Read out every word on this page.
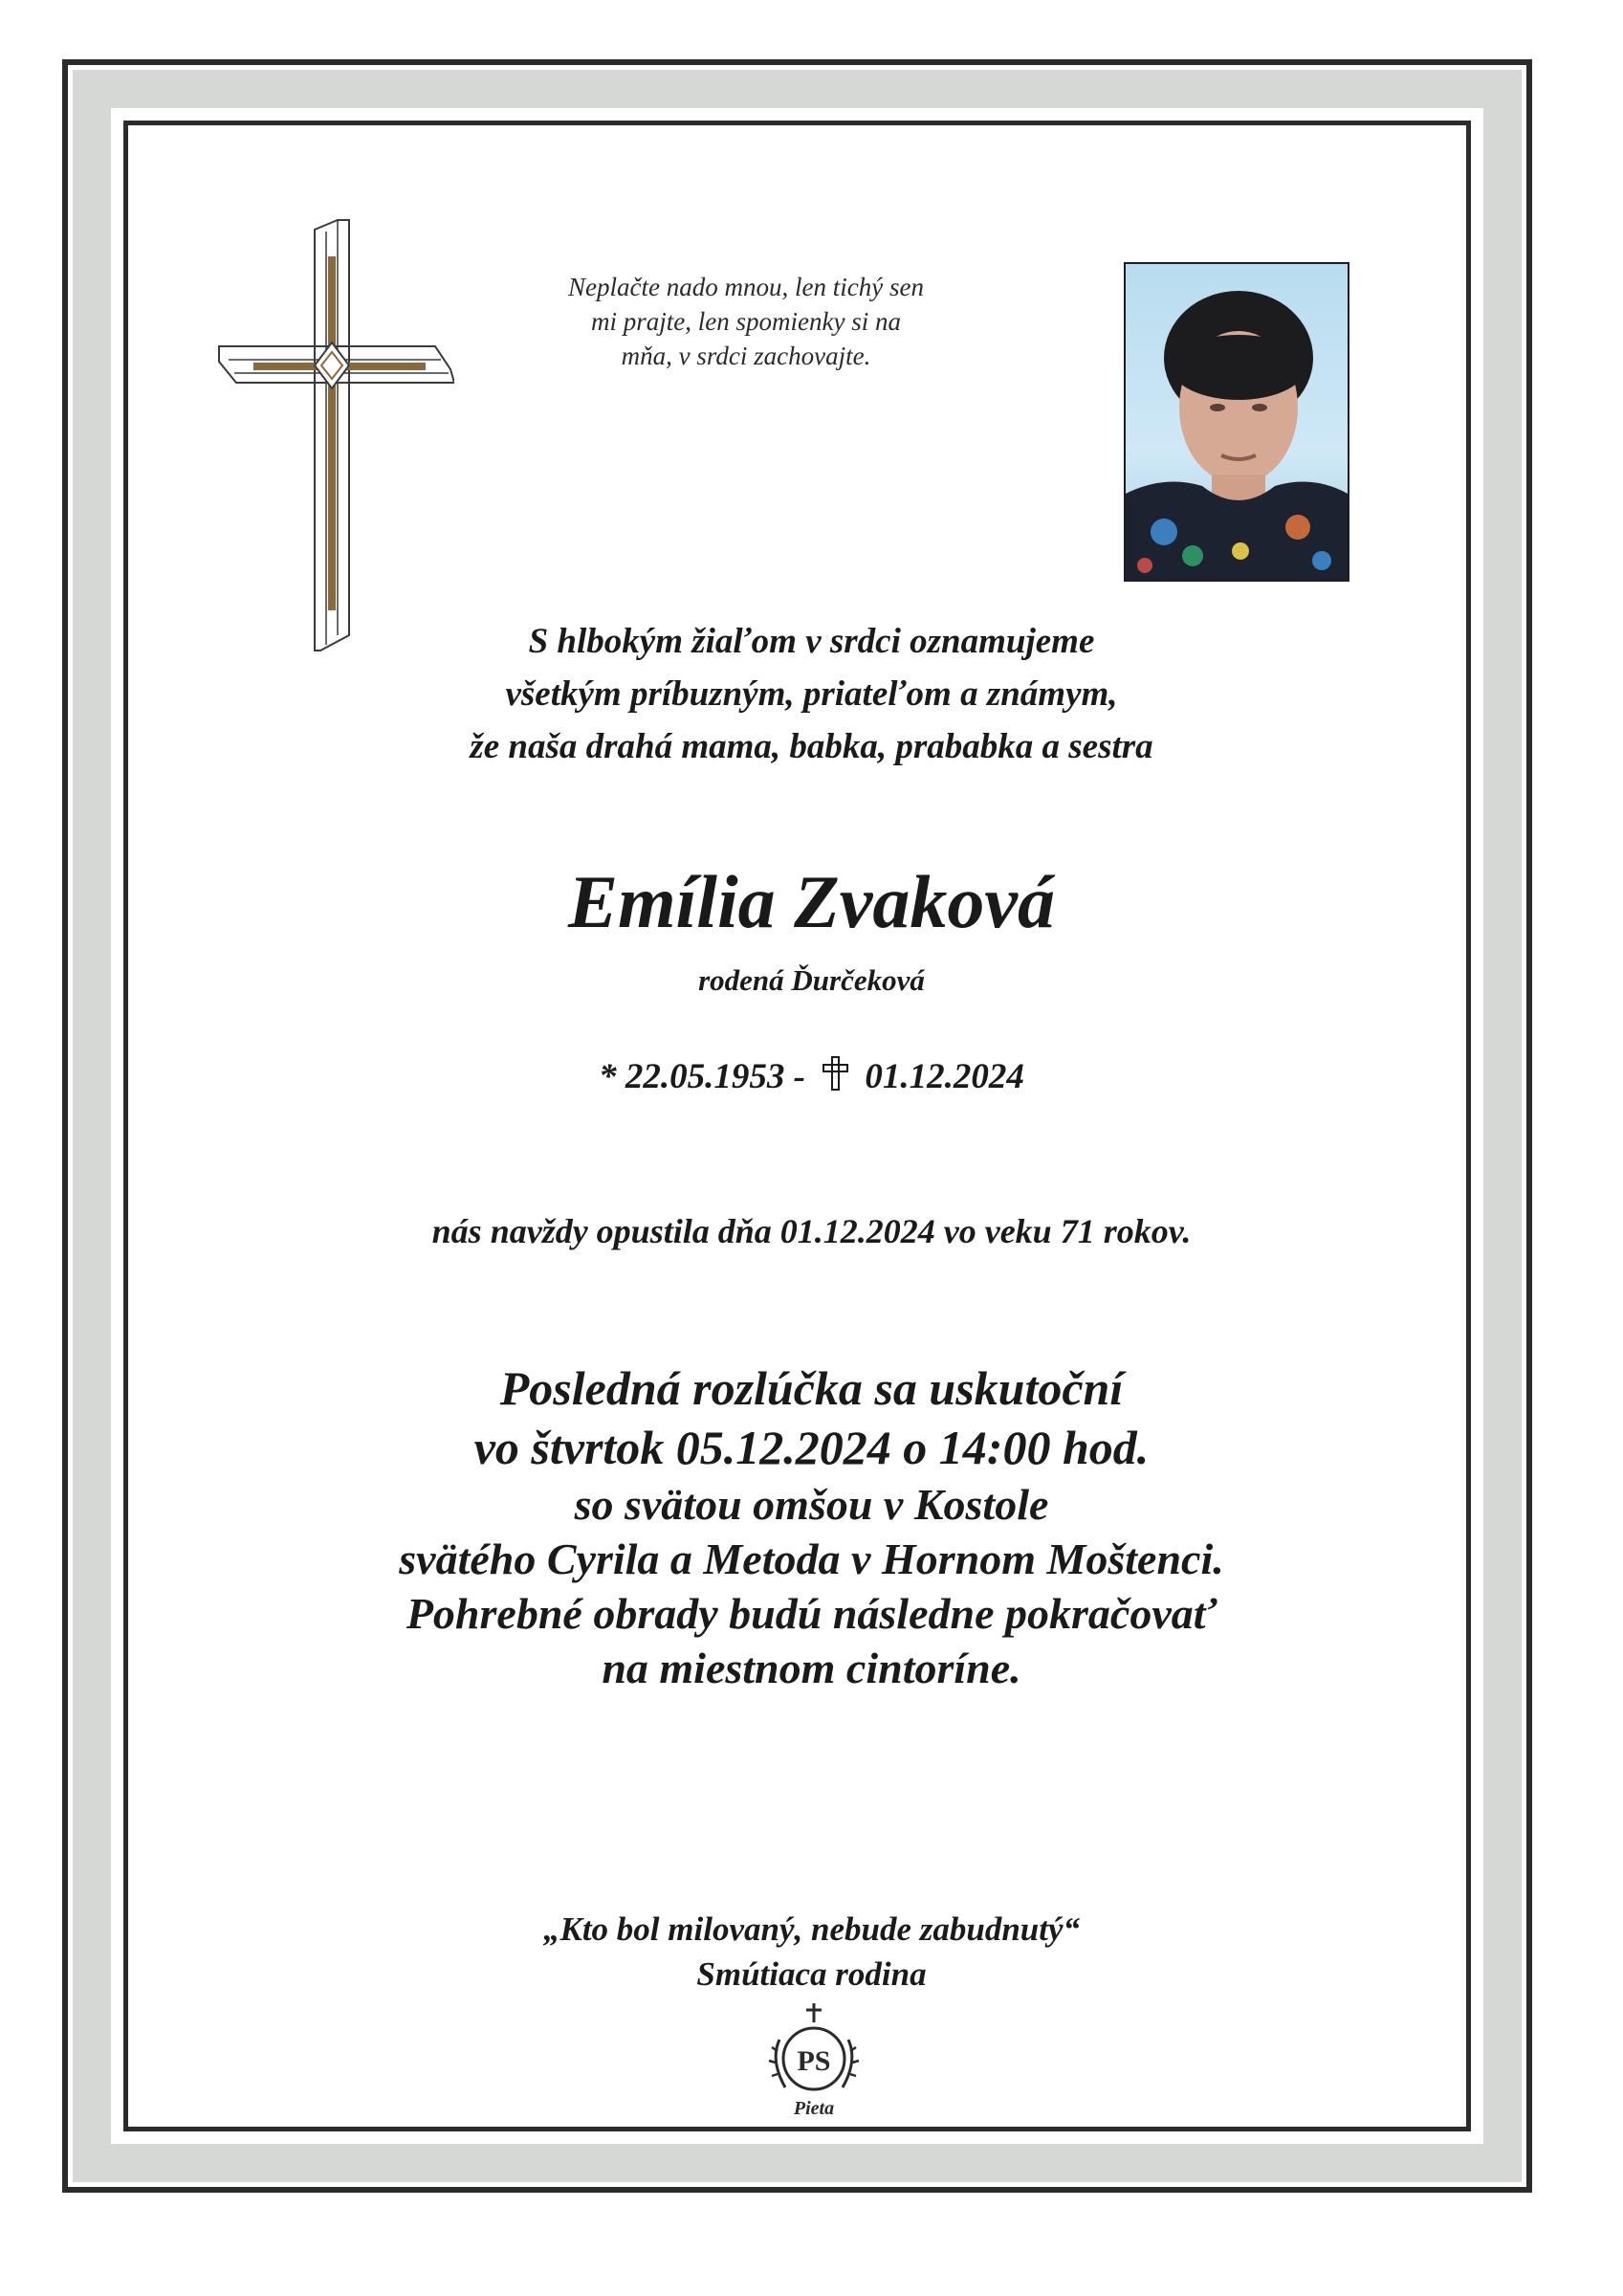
Neplačte nado mnou, len tichý sen
mi prajte, len spomienky si na
mňa, v srdci zachovajte.
S hlbokým žiaľom v srdci oznamujeme
všetkým príbuzným, priateľom a známym,
že naša drahá mama, babka, prababka a sestra
Emília Zvaková
rodená Ďurčeková
* 22.05.1953 - 01.12.2024
nás navždy opustila dňa 01.12.2024 vo veku 71 rokov.
Posledná rozlúčka sa uskutoční
vo štvrtok 05.12.2024 o 14:00 hod.
so svätou omšou v Kostole
svätého Cyrila a Metoda v Hornom Moštenci.
Pohrebné obrady budú následne pokračovať
na miestnom cintoríne.
„Kto bol milovaný, nebude zabudnutý“
Smútiaca rodina
PS
Pieta
